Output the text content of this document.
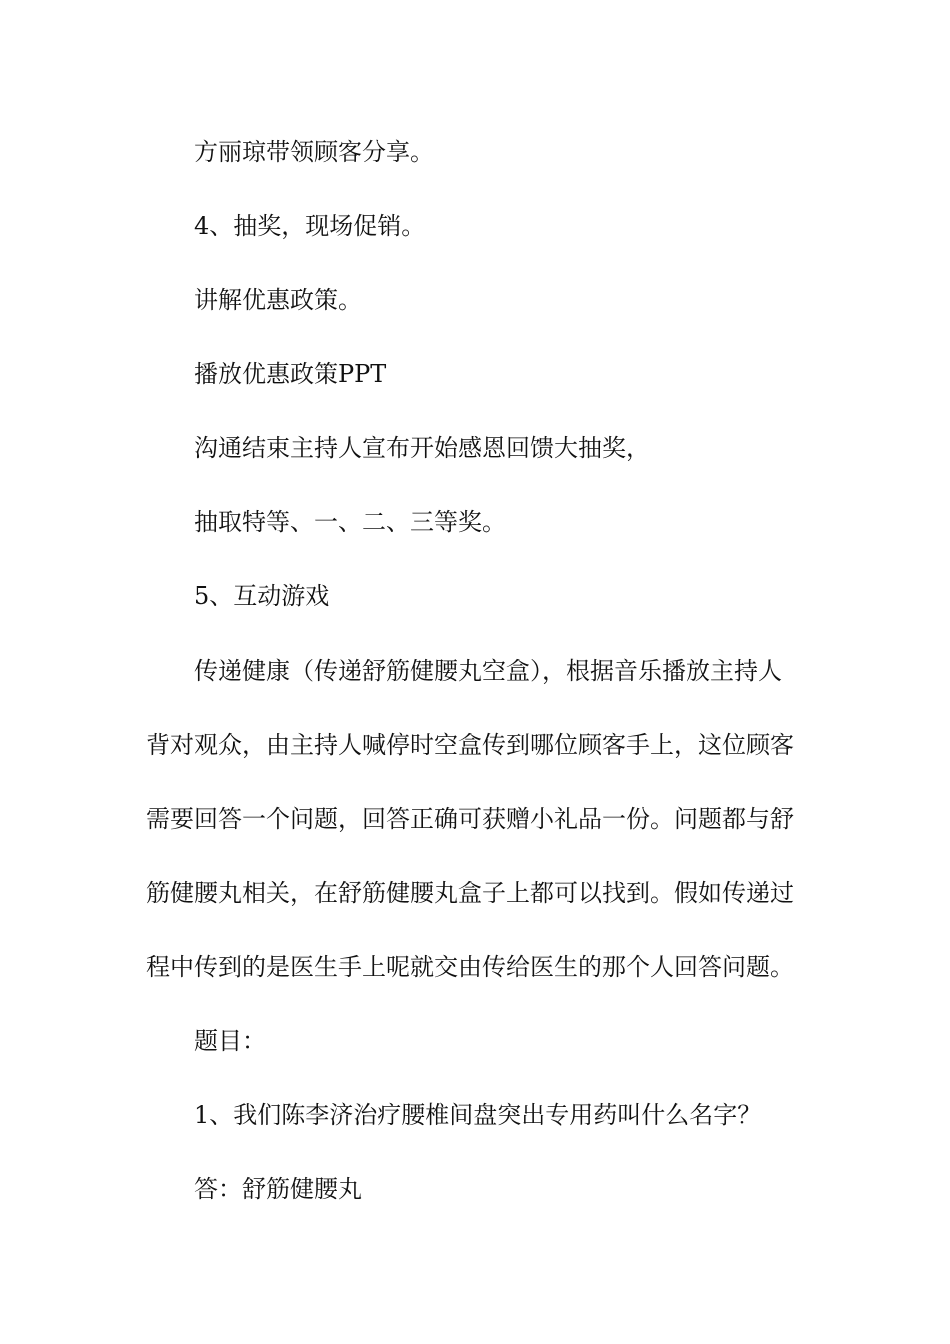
方丽琼带领顾客分享。
4、抽奖，现场促销。
讲解优惠政策。
播放优惠政策PPT
沟通结束主持人宣布开始感恩回馈大抽奖，
抽取特等、一、二、三等奖。
5、互动游戏
传递健康（传递舒筋健腰丸空盒），根据音乐播放主持人
背对观众，由主持人喊停时空盒传到哪位顾客手上，这位顾客
需要回答一个问题，回答正确可获赠小礼品一份。问题都与舒
筋健腰丸相关，在舒筋健腰丸盒子上都可以找到。假如传递过
程中传到的是医生手上呢就交由传给医生的那个人回答问题。
题目：
1、我们陈李济治疗腰椎间盘突出专用药叫什么名字？
答：舒筋健腰丸
